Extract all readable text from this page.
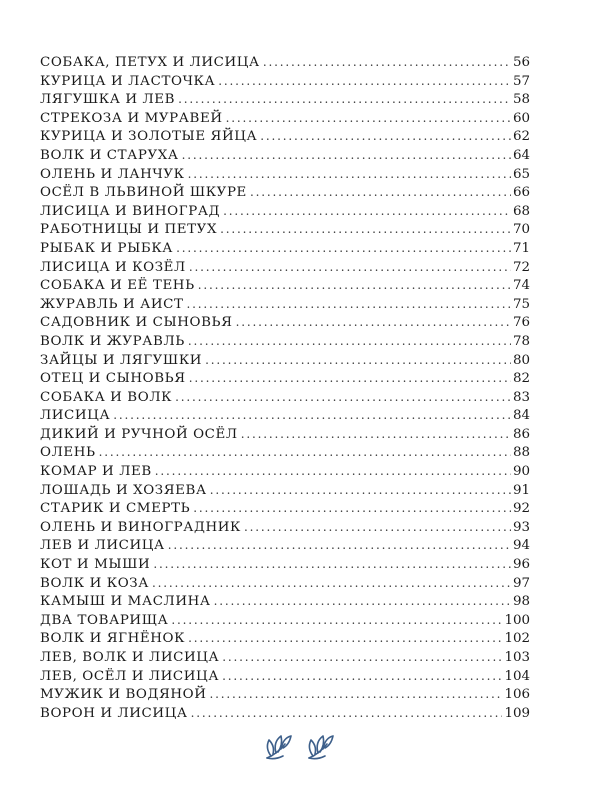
СОБАКА, ПЕТУХ И ЛИСИЦА . . .	56
КУРИЦА И ЛАСТОЧКА . . .	57
ЛЯГУШКА И ЛЕВ . . .	58
СТРЕКОЗА И МУРАВЕЙ . . .	60
КУРИЦА И ЗОЛОТЫЕ ЯЙЦА . . .	62
ВОЛК И СТАРУХА . . .	64
ОЛЕНЬ И ЛАНЧУК . . .	65
ОСЁЛ В ЛЬВИНОЙ ШКУРЕ . . .	66
ЛИСИЦА И ВИНОГРАД . . .	68
РАБОТНИЦЫ И ПЕТУХ . . .	70
РЫБАК И РЫБКА . . .	71
ЛИСИЦА И КОЗЁЛ . . .	72
СОБАКА И ЕЁ ТЕНЬ . . .	74
ЖУРАВЛЬ И АИСТ . . .	75
САДОВНИК И СЫНОВЬЯ . . .	76
ВОЛК И ЖУРАВЛЬ . . .	78
ЗАЙЦЫ И ЛЯГУШКИ . . .	80
ОТЕЦ И СЫНОВЬЯ . . .	82
СОБАКА И ВОЛК . . .	83
ЛИСИЦА . . .	84
ДИКИЙ И РУЧНОЙ ОСЁЛ . . .	86
ОЛЕНЬ . . .	88
КОМАР И ЛЕВ . . .	90
ЛОШАДЬ И ХОЗЯЕВА . . .	91
СТАРИК И СМЕРТЬ . . .	92
ОЛЕНЬ И ВИНОГРАДНИК . . .	93
ЛЕВ И ЛИСИЦА . . .	94
КОТ И МЫШИ . . .	96
ВОЛК И КОЗА . . .	97
КАМЫШ И МАСЛИНА . . .	98
ДВА ТОВАРИЩА . . .	100
ВОЛК И ЯГНЁНОК . . .	102
ЛЕВ, ВОЛК И ЛИСИЦА . . .	103
ЛЕВ, ОСЁЛ И ЛИСИЦА . . .	104
МУЖИК И ВОДЯНОЙ . . .	106
ВОРОН И ЛИСИЦА . . .	109
